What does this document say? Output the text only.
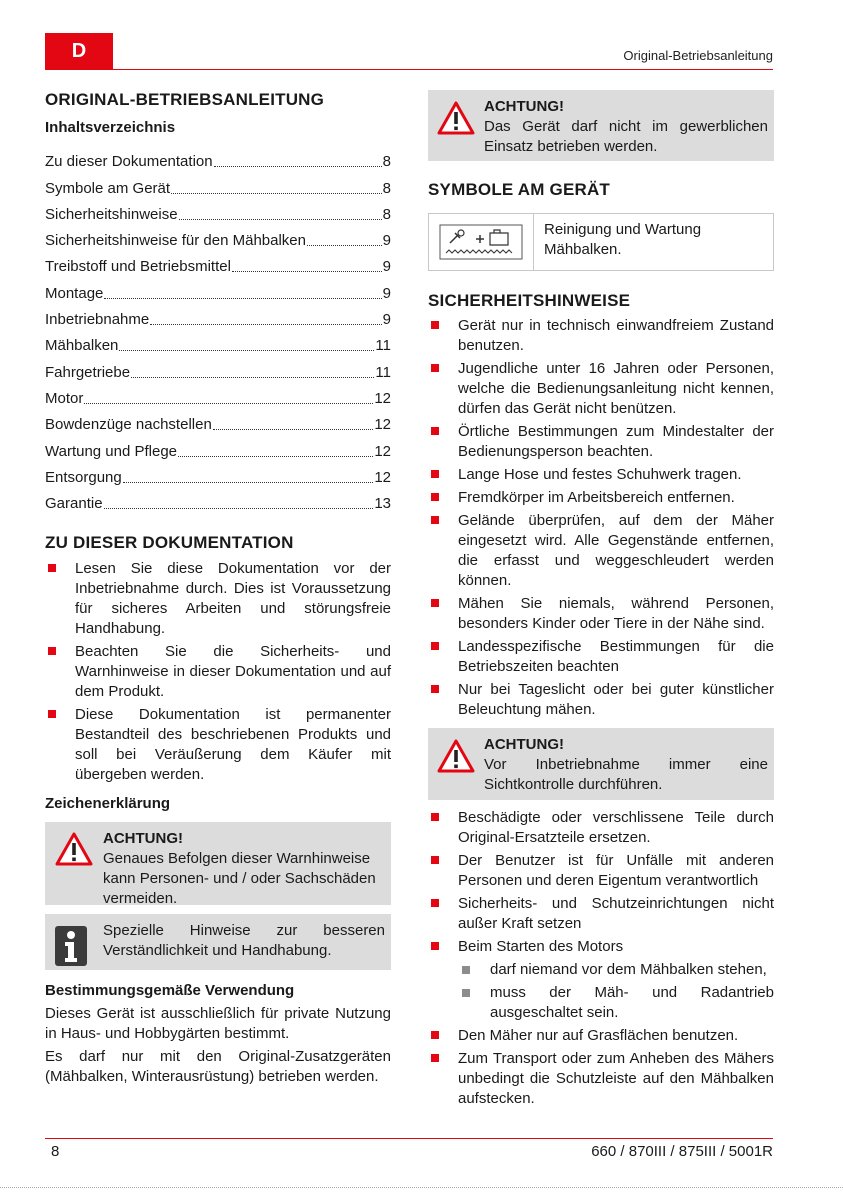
D	Original-Betriebsanleitung
ORIGINAL-BETRIEBSANLEITUNG
Inhaltsverzeichnis
Zu dieser Dokumentation	8
Symbole am Gerät	8
Sicherheitshinweise	8
Sicherheitshinweise für den Mähbalken	9
Treibstoff und Betriebsmittel	9
Montage	9
Inbetriebnahme	9
Mähbalken	11
Fahrgetriebe	11
Motor	12
Bowdenzüge nachstellen	12
Wartung und Pflege	12
Entsorgung	12
Garantie	13
ZU DIESER DOKUMENTATION
Lesen Sie diese Dokumentation vor der Inbetriebnahme durch. Dies ist Voraussetzung für sicheres Arbeiten und störungsfreie Handhabung.
Beachten Sie die Sicherheits- und Warnhinweise in dieser Dokumentation und auf dem Produkt.
Diese Dokumentation ist permanenter Bestandteil des beschriebenen Produkts und soll bei Veräußerung dem Käufer mit übergeben werden.
Zeichenerklärung
ACHTUNG!
Genaues Befolgen dieser Warnhinweise kann Personen- und / oder Sachschäden vermeiden.
Spezielle Hinweise zur besseren Verständlichkeit und Handhabung.
Bestimmungsgemäße Verwendung

Dieses Gerät ist ausschließlich für private Nutzung in Haus- und Hobbygärten bestimmt.

Es darf nur mit den Original-Zusatzgeräten (Mähbalken, Winterausrüstung) betrieben werden.

ACHTUNG!
Das Gerät darf nicht im gewerblichen Einsatz betrieben werden.
SYMBOLE AM GERÄT
Reinigung und Wartung Mähbalken.
SICHERHEITSHINWEISE
Gerät nur in technisch einwandfreiem Zustand benutzen.
Jugendliche unter 16 Jahren oder Personen, welche die Bedienungsanleitung nicht kennen, dürfen das Gerät nicht benützen.
Örtliche Bestimmungen zum Mindestalter der Bedienungsperson beachten.
Lange Hose und festes Schuhwerk tragen.
Fremdkörper im Arbeitsbereich entfernen.
Gelände überprüfen, auf dem der Mäher eingesetzt wird. Alle Gegenstände entfernen, die erfasst und weggeschleudert werden können.
Mähen Sie niemals, während Personen, besonders Kinder oder Tiere in der Nähe sind.
Landesspezifische Bestimmungen für die Betriebszeiten beachten
Nur bei Tageslicht oder bei guter künstlicher Beleuchtung mähen.
ACHTUNG!
Vor Inbetriebnahme immer eine Sichtkontrolle durchführen.
Beschädigte oder verschlissene Teile durch Original-Ersatzteile ersetzen.
Der Benutzer ist für Unfälle mit anderen Personen und deren Eigentum verantwortlich
Sicherheits- und Schutzeinrichtungen nicht außer Kraft setzen
Beim Starten des Motors
darf niemand vor dem Mähbalken stehen,
muss der Mäh- und Radantrieb ausgeschaltet sein.
Den Mäher nur auf Grasflächen benutzen.
Zum Transport oder zum Anheben des Mähers unbedingt die Schutzleiste auf den Mähbalken aufstecken.
8	660 / 870III / 875III / 5001R
